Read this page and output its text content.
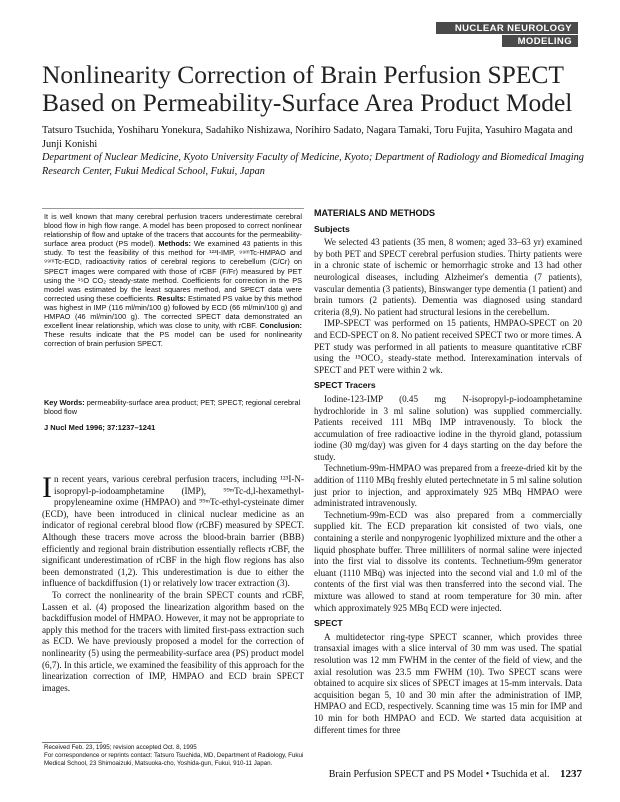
NUCLEAR NEUROLOGY
MODELING
Nonlinearity Correction of Brain Perfusion SPECT Based on Permeability-Surface Area Product Model
Tatsuro Tsuchida, Yoshiharu Yonekura, Sadahiko Nishizawa, Norihiro Sadato, Nagara Tamaki, Toru Fujita, Yasuhiro Magata and Junji Konishi
Department of Nuclear Medicine, Kyoto University Faculty of Medicine, Kyoto; Department of Radiology and Biomedical Imaging Research Center, Fukui Medical School, Fukui, Japan
It is well known that many cerebral perfusion tracers underestimate cerebral blood flow in high flow range. A model has been proposed to correct nonlinear relationship of flow and uptake of the tracers that accounts for the permeability-surface area product (PS model). Methods: We examined 43 patients in this study. To test the feasibility of this method for ¹²³I-IMP, ⁹⁹ᵐTc-HMPAO and ⁹⁹ᵐTc-ECD, radioactivity ratios of cerebral regions to cerebellum (C/Cr) on SPECT images were compared with those of rCBF (F/Fr) measured by PET using the ¹⁵O CO₂ steady-state method. Coefficients for correction in the PS model was estimated by the least squares method, and SPECT data were corrected using these coefficients. Results: Estimated PS value by this method was highest in IMP (116 ml/min/100 g) followed by ECD (66 ml/min/100 g) and HMPAO (46 ml/min/100 g). The corrected SPECT data demonstrated an excellent linear relationship, which was close to unity, with rCBF. Conclusion: These results indicate that the PS model can be used for nonlinearity correction of brain perfusion SPECT.
Key Words: permeability-surface area product; PET; SPECT; regional cerebral blood flow
J Nucl Med 1996; 37:1237–1241

In recent years, various cerebral perfusion tracers, including ¹²³I-N-isopropyl-p-iodoamphetamine (IMP), ⁹⁹ᵐTc-d,l-hexamethyl-propyleneamine oxime (HMPAO) and ⁹⁹ᵐTc-ethyl-cysteinate dimer (ECD), have been introduced in clinical nuclear medicine as an indicator of regional cerebral blood flow (rCBF) measured by SPECT. Although these tracers move across the blood-brain barrier (BBB) efficiently and regional brain distribution essentially reflects rCBF, the significant underestimation of rCBF in the high flow regions has also been demonstrated (1,2). This underestimation is due to either the influence of backdiffusion (1) or relatively low tracer extraction (3).

To correct the nonlinearity of the brain SPECT counts and rCBF, Lassen et al. (4) proposed the linearization algorithm based on the backdiffusion model of HMPAO. However, it may not be appropriate to apply this method for the tracers with limited first-pass extraction such as ECD. We have previously proposed a model for the correction of nonlinearity (5) using the permeability-surface area (PS) product model (6,7). In this article, we examined the feasibility of this approach for the linearization correction of IMP, HMPAO and ECD brain SPECT images.

Received Feb. 23, 1995; revision accepted Oct. 8, 1995
For correspondence or reprints contact: Tatsuro Tsuchida, MD, Department of Radiology, Fukui Medical School, 23 Shimoaizuki, Matsuoka-cho, Yoshida-gun, Fukui, 910-11 Japan.
MATERIALS AND METHODS
Subjects

We selected 43 patients (35 men, 8 women; aged 33–63 yr) examined by both PET and SPECT cerebral perfusion studies. Thirty patients were in a chronic state of ischemic or hemorrhagic stroke and 13 had other neurological diseases, including Alzheimer's dementia (7 patients), vascular dementia (3 patients), Binswanger type dementia (1 patient) and brain tumors (2 patients). Dementia was diagnosed using standard criteria (8,9). No patient had structural lesions in the cerebellum.

IMP-SPECT was performed on 15 patients, HMPAO-SPECT on 20 and ECD-SPECT on 8. No patient received SPECT two or more times. A PET study was performed in all patients to measure quantitative rCBF using the ¹⁵OCO₂ steady-state method. Interexamination intervals of SPECT and PET were within 2 wk.

SPECT Tracers

Iodine-123-IMP (0.45 mg N-isopropyl-p-iodoamphetamine hydrochloride in 3 ml saline solution) was supplied commercially. Patients received 111 MBq IMP intravenously. To block the accumulation of free radioactive iodine in the thyroid gland, potassium iodine (30 mg/day) was given for 4 days starting on the day before the study.

Technetium-99m-HMPAO was prepared from a freeze-dried kit by the addition of 1110 MBq freshly eluted pertechnetate in 5 ml saline solution just prior to injection, and approximately 925 MBq HMPAO were administrated intravenously.

Technetium-99m-ECD was also prepared from a commercially supplied kit. The ECD preparation kit consisted of two vials, one containing a sterile and nonpyrogenic lyophilized mixture and the other a liquid phosphate buffer. Three milliliters of normal saline were injected into the first vial to dissolve its contents. Technetium-99m generator eluant (1110 MBq) was injected into the second vial and 1.0 ml of the contents of the first vial was then transferred into the second vial. The mixture was allowed to stand at room temperature for 30 min. after which approximately 925 MBq ECD were injected.

SPECT

A multidetector ring-type SPECT scanner, which provides three transaxial images with a slice interval of 30 mm was used. The spatial resolution was 12 mm FWHM in the center of the field of view, and the axial resolution was 23.5 mm FWHM (10). Two SPECT scans were obtained to acquire six slices of SPECT images at 15-mm intervals. Data acquisition began 5, 10 and 30 min after the administration of IMP, HMPAO and ECD, respectively. Scanning time was 15 min for IMP and 10 min for both HMPAO and ECD. We started data acquisition at different times for three

Brain Perfusion SPECT and PS Model • Tsuchida et al. 1237
